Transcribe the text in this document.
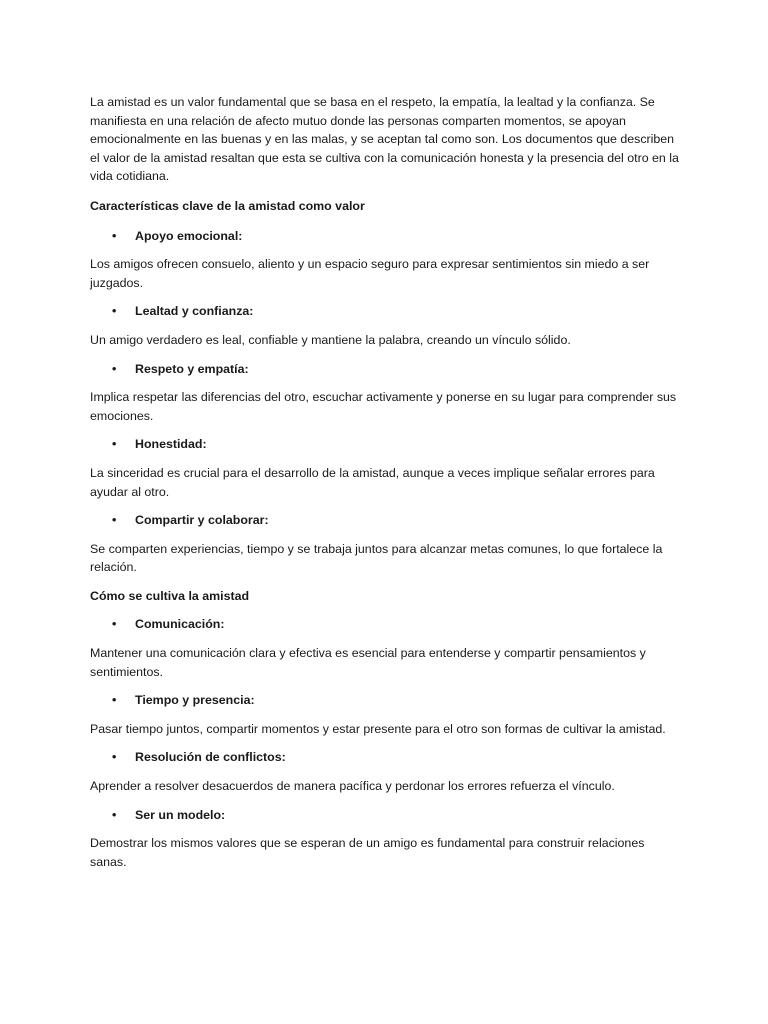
La amistad es un valor fundamental que se basa en el respeto, la empatía, la lealtad y la confianza. Se manifiesta en una relación de afecto mutuo donde las personas comparten momentos, se apoyan emocionalmente en las buenas y en las malas, y se aceptan tal como son. Los documentos que describen el valor de la amistad resaltan que esta se cultiva con la comunicación honesta y la presencia del otro en la vida cotidiana.

Características clave de la amistad como valor

•	Apoyo emocional:

Los amigos ofrecen consuelo, aliento y un espacio seguro para expresar sentimientos sin miedo a ser juzgados.

•	Lealtad y confianza:

Un amigo verdadero es leal, confiable y mantiene la palabra, creando un vínculo sólido.

•	Respeto y empatía:

Implica respetar las diferencias del otro, escuchar activamente y ponerse en su lugar para comprender sus emociones.

•	Honestidad:

La sinceridad es crucial para el desarrollo de la amistad, aunque a veces implique señalar errores para ayudar al otro.

•	Compartir y colaborar:

Se comparten experiencias, tiempo y se trabaja juntos para alcanzar metas comunes, lo que fortalece la relación.

Cómo se cultiva la amistad

•	Comunicación:

Mantener una comunicación clara y efectiva es esencial para entenderse y compartir pensamientos y sentimientos.

•	Tiempo y presencia:

Pasar tiempo juntos, compartir momentos y estar presente para el otro son formas de cultivar la amistad.

•	Resolución de conflictos:

Aprender a resolver desacuerdos de manera pacífica y perdonar los errores refuerza el vínculo.

•	Ser un modelo:

Demostrar los mismos valores que se esperan de un amigo es fundamental para construir relaciones sanas.
